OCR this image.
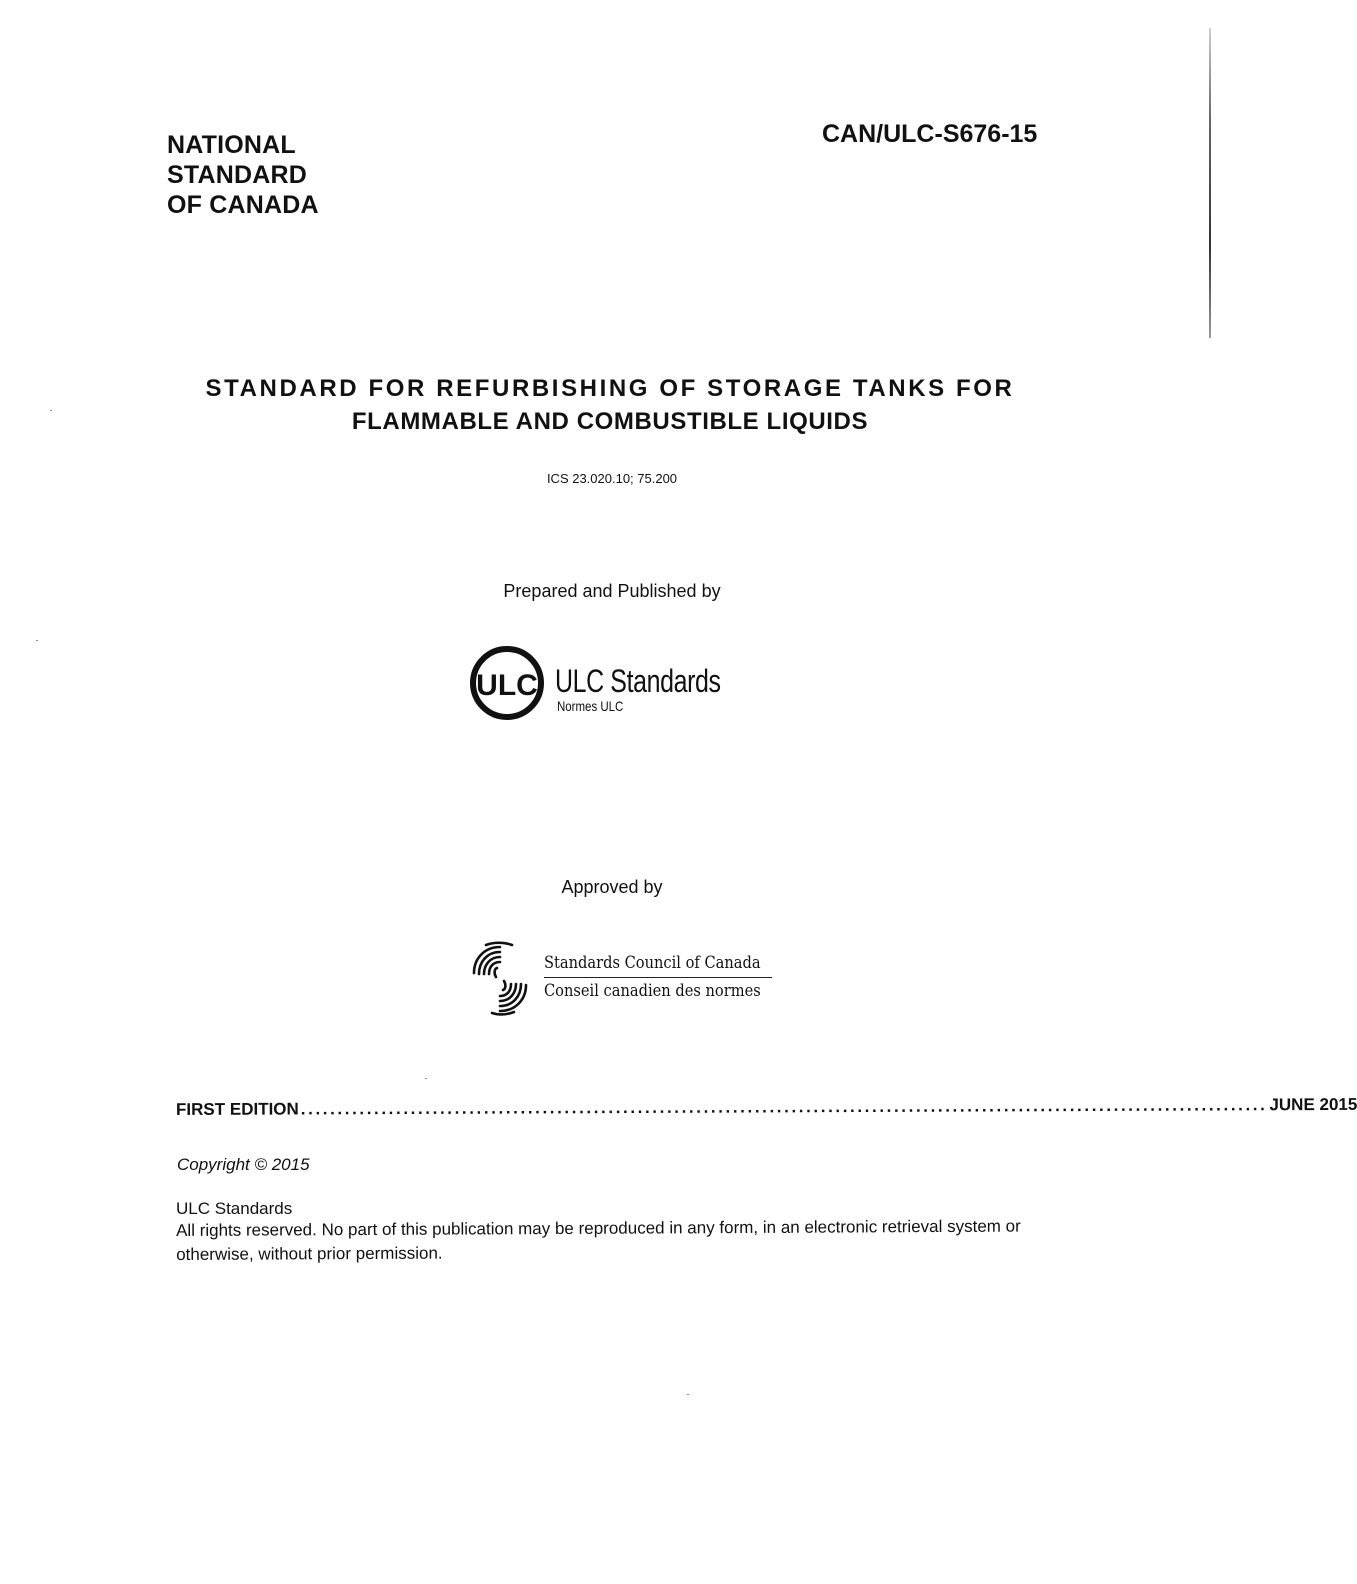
NATIONAL
STANDARD
OF CANADA
CAN/ULC-S676-15
STANDARD FOR REFURBISHING OF STORAGE TANKS FOR
FLAMMABLE AND COMBUSTIBLE LIQUIDS
ICS 23.020.10; 75.200
Prepared and Published by
ULC ULC Standards
Normes ULC
Approved by
Standards Council of Canada
Conseil canadien des normes
FIRST EDITION .................................................................................................................................... JUNE 2015
Copyright © 2015
ULC Standards
All rights reserved. No part of this publication may be reproduced in any form, in an electronic retrieval system or otherwise, without prior permission.
